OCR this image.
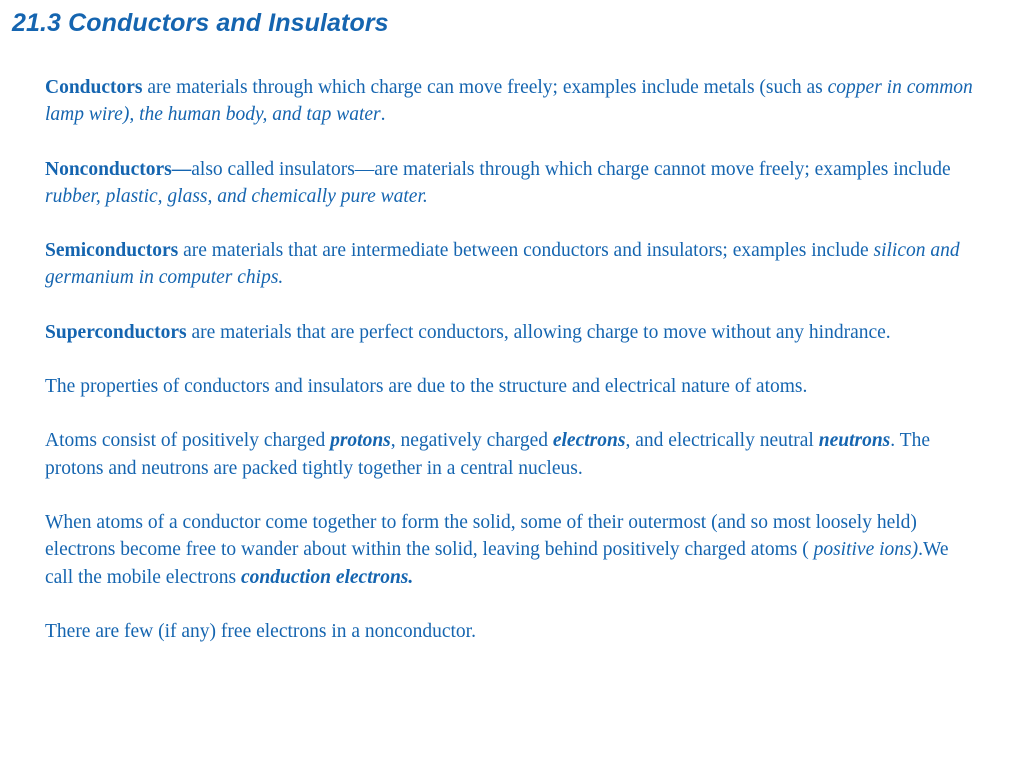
21.3 Conductors and Insulators

Conductors are materials through which charge can move freely; examples include metals (such as copper in common lamp wire), the human body, and tap water.

Nonconductors—also called insulators—are materials through which charge cannot move freely; examples include rubber, plastic, glass, and chemically pure water.

Semiconductors are materials that are intermediate between conductors and insulators; examples include silicon and germanium in computer chips.

Superconductors are materials that are perfect conductors, allowing charge to move without any hindrance.

The properties of conductors and insulators are due to the structure and electrical nature of atoms.

Atoms consist of positively charged protons, negatively charged electrons, and electrically neutral neutrons. The protons and neutrons are packed tightly together in a central nucleus.

When atoms of a conductor come together to form the solid, some of their outermost (and so most loosely held) electrons become free to wander about within the solid, leaving behind positively charged atoms ( positive ions).We call the mobile electrons conduction electrons.

There are few (if any) free electrons in a nonconductor.
